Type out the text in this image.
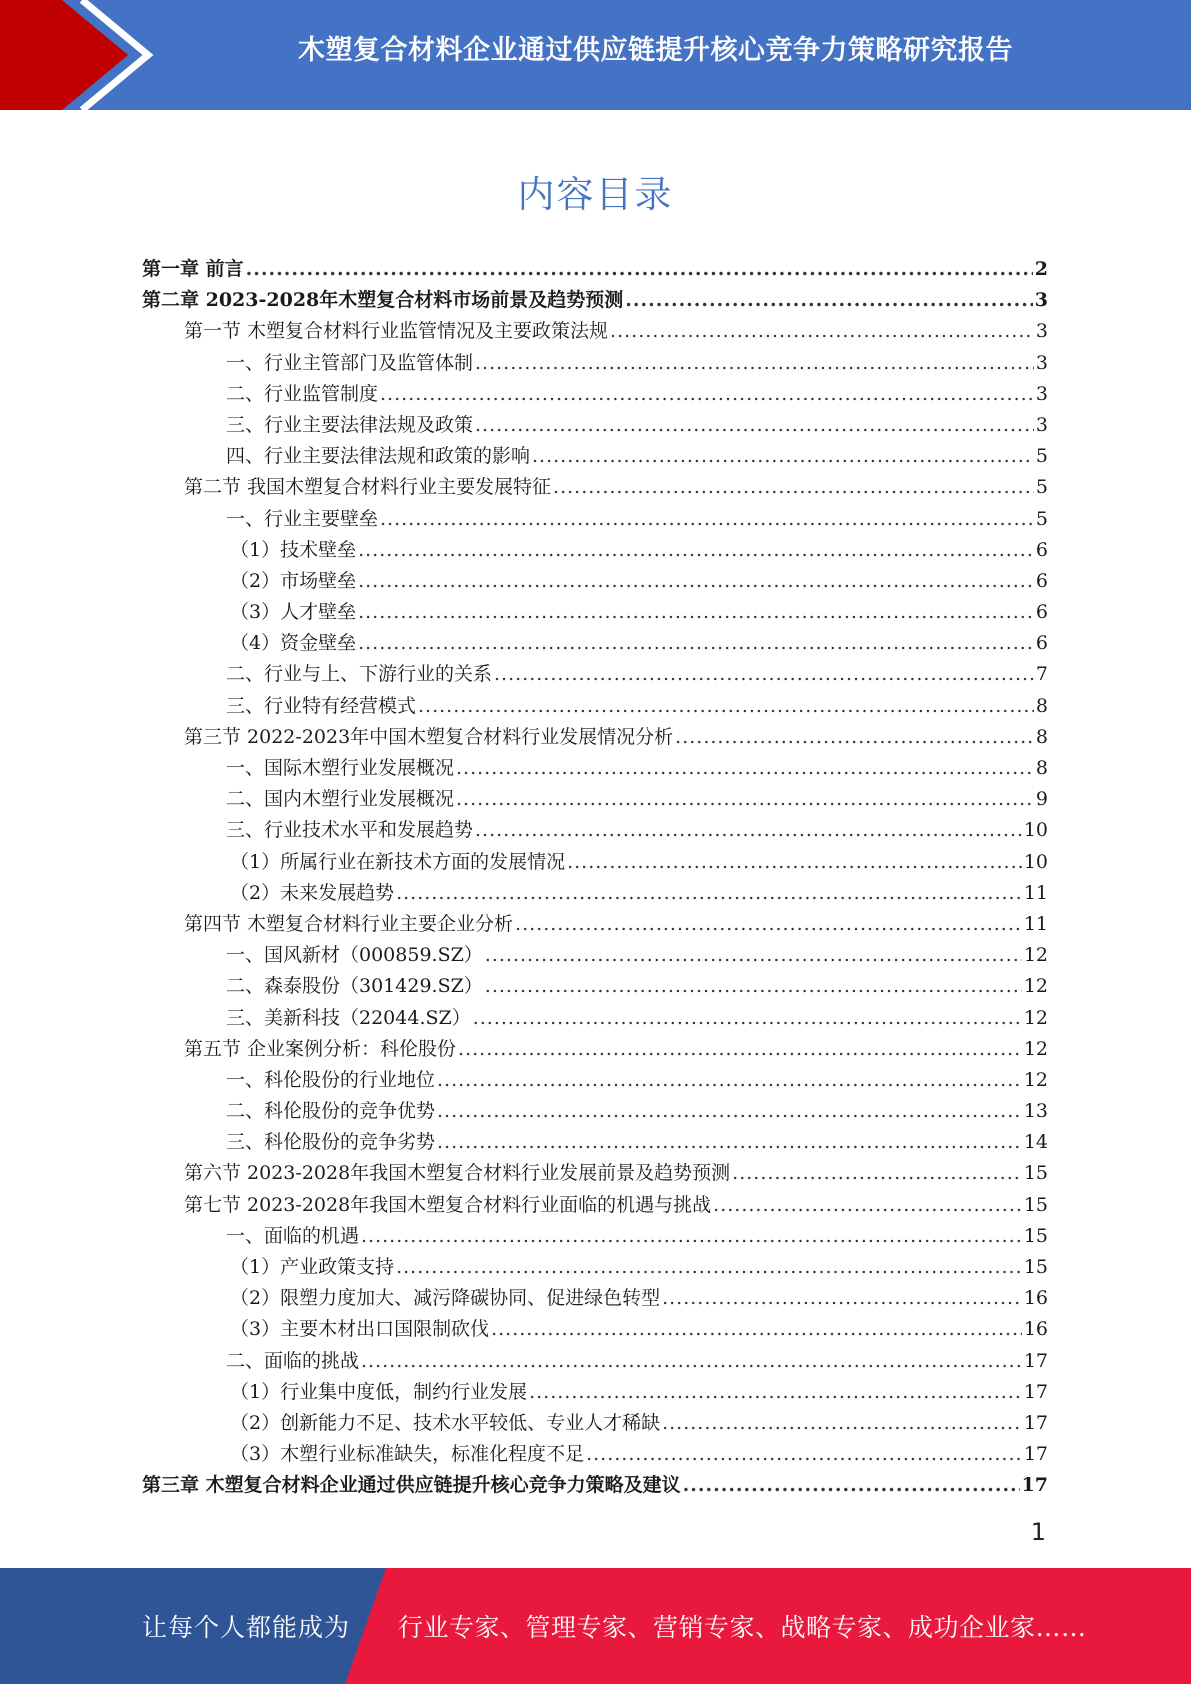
木塑复合材料企业通过供应链提升核心竞争力策略研究报告
内容目录
第一章 前言 .....	2
第二章 2023-2028年木塑复合材料市场前景及趋势预测 .....	3
第一节 木塑复合材料行业监管情况及主要政策法规 .....	3
一、行业主管部门及监管体制 .....	3
二、行业监管制度 .....	3
三、行业主要法律法规及政策 .....	3
四、行业主要法律法规和政策的影响 .....	5
第二节 我国木塑复合材料行业主要发展特征 .....	5
一、行业主要壁垒 .....	5
（1）技术壁垒 .....	6
（2）市场壁垒 .....	6
（3）人才壁垒 .....	6
（4）资金壁垒 .....	6
二、行业与上、下游行业的关系 .....	7
三、行业特有经营模式 .....	8
第三节 2022-2023年中国木塑复合材料行业发展情况分析 .....	8
一、国际木塑行业发展概况 .....	8
二、国内木塑行业发展概况 .....	9
三、行业技术水平和发展趋势 .....	10
（1）所属行业在新技术方面的发展情况 .....	10
（2）未来发展趋势 .....	11
第四节 木塑复合材料行业主要企业分析 .....	11
一、国风新材（000859.SZ） .....	12
二、森泰股份（301429.SZ） .....	12
三、美新科技（22044.SZ） .....	12
第五节 企业案例分析：科伦股份 .....	12
一、科伦股份的行业地位 .....	12
二、科伦股份的竞争优势 .....	13
三、科伦股份的竞争劣势 .....	14
第六节 2023-2028年我国木塑复合材料行业发展前景及趋势预测 .....	15
第七节 2023-2028年我国木塑复合材料行业面临的机遇与挑战 .....	15
一、面临的机遇 .....	15
（1）产业政策支持 .....	15
（2）限塑力度加大、减污降碳协同、促进绿色转型 .....	16
（3）主要木材出口国限制砍伐 .....	16
二、面临的挑战 .....	17
（1）行业集中度低，制约行业发展 .....	17
（2）创新能力不足、技术水平较低、专业人才稀缺 .....	17
（3）木塑行业标准缺失，标准化程度不足 .....	17
第三章 木塑复合材料企业通过供应链提升核心竞争力策略及建议 .....	17
1
让每个人都能成为 行业专家、管理专家、营销专家、战略专家、成功企业家……
